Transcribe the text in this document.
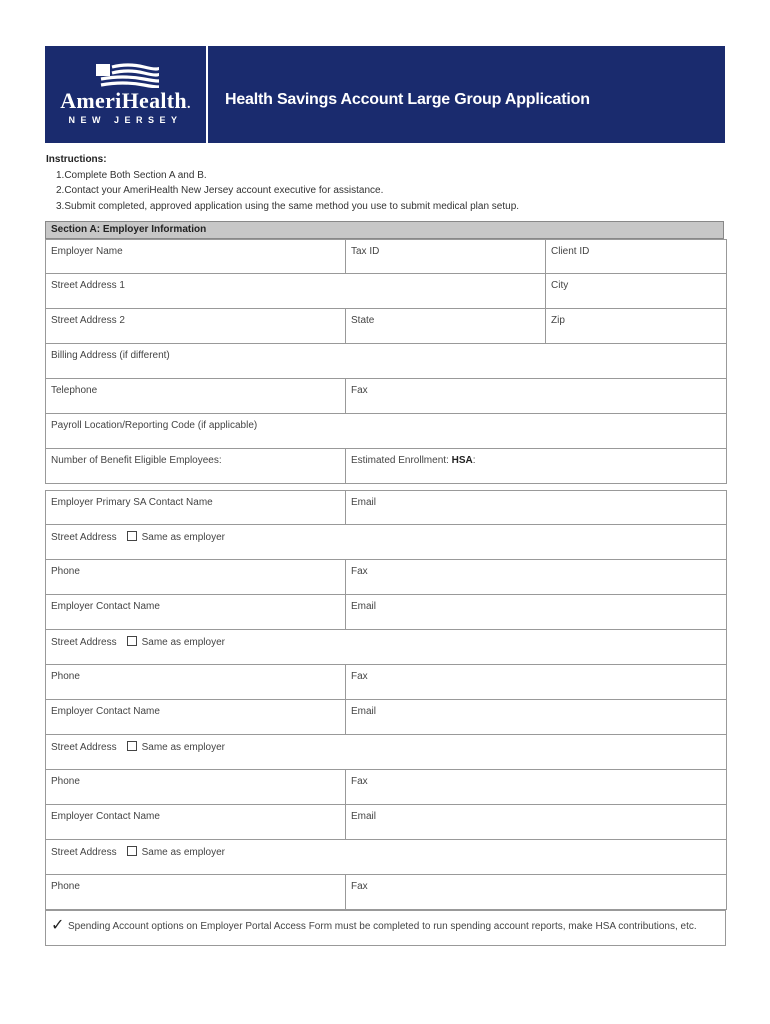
AmeriHealth.
NEW JERSEY
Health Savings Account Large Group Application
Instructions:
1.Complete Both Section A and B.
2.Contact your AmeriHealth New Jersey account executive for assistance.
3.Submit completed, approved application using the same method you use to submit medical plan setup.
Section A: Employer Information
Employer Name	Tax ID	Client ID
Street Address 1	City
Street Address 2	State	Zip
Billing Address (if different)
Telephone	Fax
Payroll Location/Reporting Code (if applicable)
Number of Benefit Eligible Employees:	Estimated Enrollment: HSA:
Employer Primary SA Contact Name	Email
Street Address	Same as employer
Phone	Fax
Employer Contact Name	Email
Street Address	Same as employer
Phone	Fax
Employer Contact Name	Email
Street Address	Same as employer
Phone	Fax
Employer Contact Name	Email
Street Address	Same as employer
Phone	Fax
✓ Spending Account options on Employer Portal Access Form must be completed to run spending account reports, make HSA contributions, etc.
